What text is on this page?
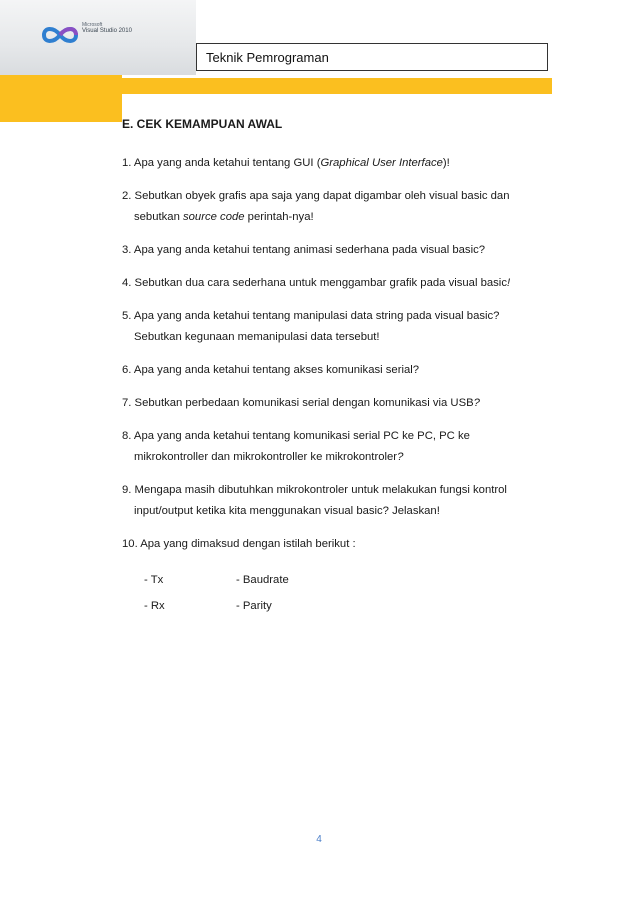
Microsoft
Visual Studio 2010
Teknik Pemrograman
E. CEK KEMAMPUAN AWAL

1. Apa yang anda ketahui tentang GUI (Graphical User Interface)!

2. Sebutkan obyek grafis apa saja yang dapat digambar oleh visual basic dan
sebutkan source code perintah-nya!

3. Apa yang anda ketahui tentang animasi sederhana pada visual basic?

4. Sebutkan dua cara sederhana untuk menggambar grafik pada visual basic!

5. Apa yang anda ketahui tentang manipulasi data string pada visual basic?
Sebutkan kegunaan memanipulasi data tersebut!

6. Apa yang anda ketahui tentang akses komunikasi serial?

7. Sebutkan perbedaan komunikasi serial dengan komunikasi via USB?

8. Apa yang anda ketahui tentang komunikasi serial PC ke PC, PC ke
mikrokontroller dan mikrokontroller ke mikrokontroler?

9. Mengapa masih dibutuhkan mikrokontroler untuk melakukan fungsi kontrol
input/output ketika kita menggunakan visual basic? Jelaskan!

10. Apa yang dimaksud dengan istilah berikut :

- Tx	- Baudrate
- Rx	- Parity
4
